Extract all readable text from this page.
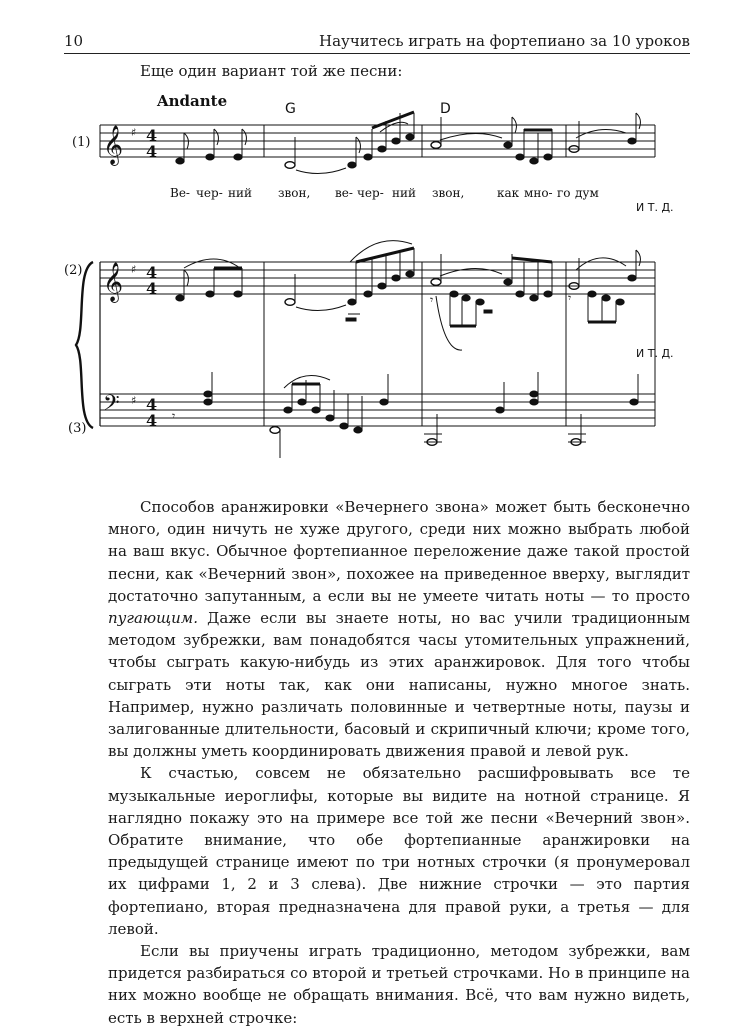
10	Научитесь играть на фортепиано за 10 уроков
Еще один вариант той же песни:
Andante	G	D
(1)
(2)
(3)
И Т. Д.
И Т. Д.
Ве- чер- ний звон, ве- чер- ний звон,	как мно- го дум
𝄞 ♯ 4
4
𝄞 ♯ 4
4
𝄾	𝄾
𝄢 ♯ 4
4 𝄾

Способов аранжировки «Вечернего звона» может быть бесконечно много, один ничуть не хуже другого, среди них можно выбрать любой на ваш вкус. Обычное фортепианное переложение даже такой простой песни, как «Вечерний звон», похожее на приведенное вверху, выглядит достаточно запутанным, а если вы не умеете читать ноты — то просто пугающим. Даже если вы знаете ноты, но вас учили традиционным методом зубрежки, вам понадобятся часы утомительных упражнений, чтобы сыграть какую-нибудь из этих аранжировок. Для того чтобы сыграть эти ноты так, как они написаны, нужно многое знать. Например, нужно различать половинные и четвертные ноты, паузы и залигованные длительности, басовый и скрипичный ключи; кроме того, вы должны уметь координировать движения правой и левой рук.

К счастью, совсем не обязательно расшифровывать все те музыкальные иероглифы, которые вы видите на нотной странице. Я наглядно покажу это на примере все той же песни «Вечерний звон». Обратите внимание, что обе фортепианные аранжировки на предыдущей странице имеют по три нотных строчки (я пронумеровал их цифрами 1, 2 и 3 слева). Две нижние строчки — это партия фортепиано, вторая предназначена для правой руки, а третья — для левой.

Если вы приучены играть традиционно, методом зубрежки, вам придется разбираться со второй и третьей строчками. Но в принципе на них можно вообще не обращать внимания. Всё, что вам нужно видеть, есть в верхней строчке:
